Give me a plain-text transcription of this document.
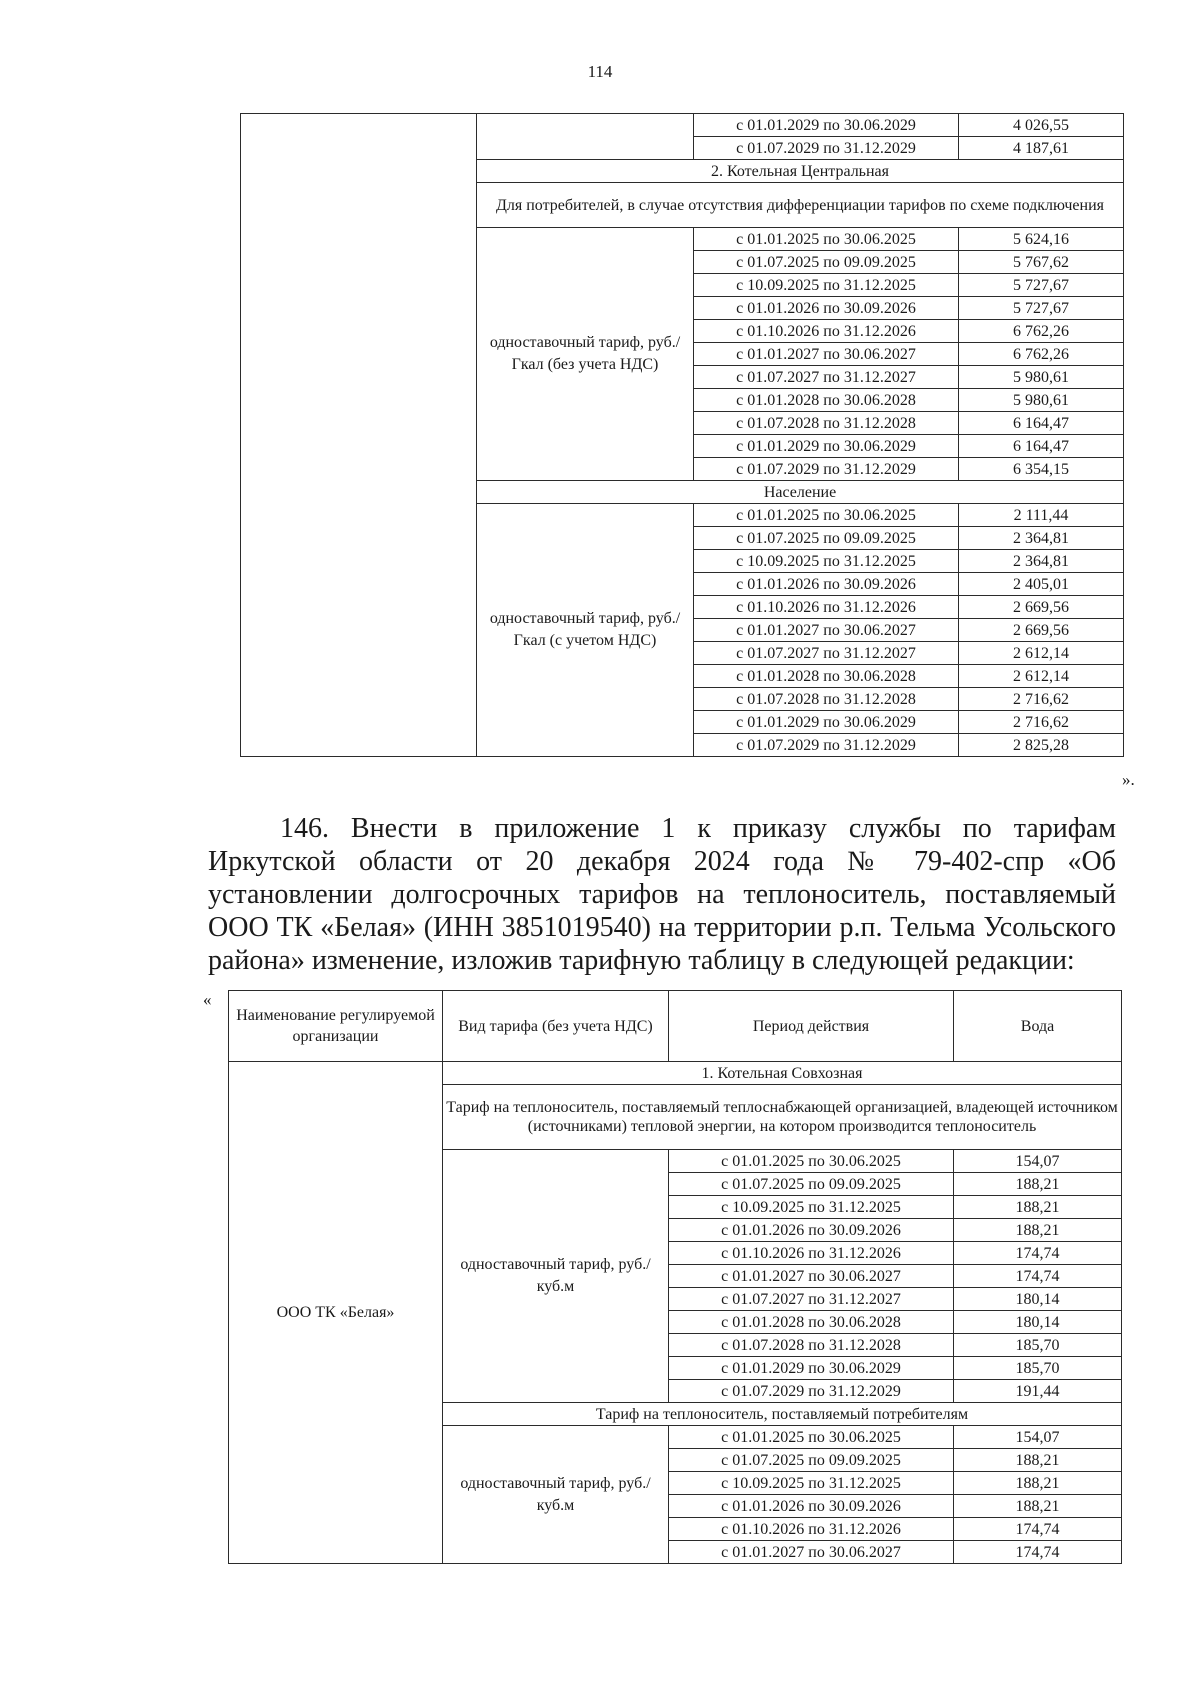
114
		с 01.01.2029 по 30.06.2029	4 026,55
		с 01.07.2029 по 31.12.2029	4 187,61
	2. Котельная Центральная		
	Для потребителей, в случае отсутствия дифференциации тарифов по схеме подключения		
	одноставочный тариф, руб./Гкал (без учета НДС)	с 01.01.2025 по 30.06.2025	5 624,16
		с 01.07.2025 по 09.09.2025	5 767,62
		с 10.09.2025 по 31.12.2025	5 727,67
		с 01.01.2026 по 30.09.2026	5 727,67
		с 01.10.2026 по 31.12.2026	6 762,26
		с 01.01.2027 по 30.06.2027	6 762,26
		с 01.07.2027 по 31.12.2027	5 980,61
		с 01.01.2028 по 30.06.2028	5 980,61
		с 01.07.2028 по 31.12.2028	6 164,47
		с 01.01.2029 по 30.06.2029	6 164,47
		с 01.07.2029 по 31.12.2029	6 354,15
	Население		
	одноставочный тариф, руб./Гкал (с учетом НДС)	с 01.01.2025 по 30.06.2025	2 111,44
		с 01.07.2025 по 09.09.2025	2 364,81
		с 10.09.2025 по 31.12.2025	2 364,81
		с 01.01.2026 по 30.09.2026	2 405,01
		с 01.10.2026 по 31.12.2026	2 669,56
		с 01.01.2027 по 30.06.2027	2 669,56
		с 01.07.2027 по 31.12.2027	2 612,14
		с 01.01.2028 по 30.06.2028	2 612,14
		с 01.07.2028 по 31.12.2028	2 716,62
		с 01.01.2029 по 30.06.2029	2 716,62
		с 01.07.2029 по 31.12.2029	2 825,28
».
146. Внести в приложение 1 к приказу службы по тарифам Иркутской области от 20 декабря 2024 года № 79-402-спр «Об установлении долгосрочных тарифов на теплоноситель, поставляемый ООО ТК «Белая» (ИНН 3851019540) на территории р.п. Тельма Усольского района» изменение, изложив тарифную таблицу в следующей редакции:
«
Наименование регулируемой организации	Вид тарифа (без учета НДС)	Период действия	Вода
ООО ТК «Белая»	1. Котельная Совхозная		
	Тариф на теплоноситель, поставляемый теплоснабжающей организацией, владеющей источником (источниками) тепловой энергии, на котором производится теплоноситель		
	одноставочный тариф, руб./куб.м	с 01.01.2025 по 30.06.2025	154,07
		с 01.07.2025 по 09.09.2025	188,21
		с 10.09.2025 по 31.12.2025	188,21
		с 01.01.2026 по 30.09.2026	188,21
		с 01.10.2026 по 31.12.2026	174,74
		с 01.01.2027 по 30.06.2027	174,74
		с 01.07.2027 по 31.12.2027	180,14
		с 01.01.2028 по 30.06.2028	180,14
		с 01.07.2028 по 31.12.2028	185,70
		с 01.01.2029 по 30.06.2029	185,70
		с 01.07.2029 по 31.12.2029	191,44
	Тариф на теплоноситель, поставляемый потребителям		
	одноставочный тариф, руб./куб.м	с 01.01.2025 по 30.06.2025	154,07
		с 01.07.2025 по 09.09.2025	188,21
		с 10.09.2025 по 31.12.2025	188,21
		с 01.01.2026 по 30.09.2026	188,21
		с 01.10.2026 по 31.12.2026	174,74
		с 01.01.2027 по 30.06.2027	174,74
